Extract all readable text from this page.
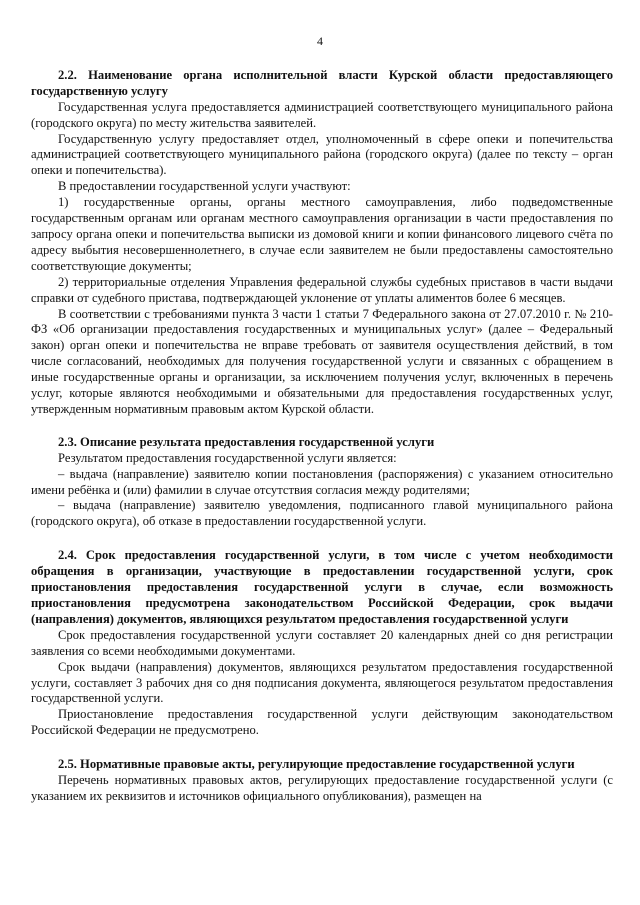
4

2.2. Наименование органа исполнительной власти Курской области предоставляющего государственную услугу

Государственная услуга предоставляется администрацией соответствующего муниципального района (городского округа) по месту жительства заявителей.

Государственную услугу предоставляет отдел, уполномоченный в сфере опеки и попечительства администрацией соответствующего муниципального района (городского округа) (далее по тексту – орган опеки и попечительства).

В предоставлении государственной услуги участвуют:

1) государственные органы, органы местного самоуправления, либо подведомственные государственным органам или органам местного самоуправления организации в части предоставления по запросу органа опеки и попечительства выписки из домовой книги и копии финансового лицевого счёта по адресу выбытия несовершеннолетнего, в случае если заявителем не были предоставлены самостоятельно соответствующие документы;

2) территориальные отделения Управления федеральной службы судебных приставов в части выдачи справки от судебного пристава, подтверждающей уклонение от уплаты алиментов более 6 месяцев.

В соответствии с требованиями пункта 3 части 1 статьи 7 Федерального закона от 27.07.2010 г. № 210-ФЗ «Об организации предоставления государственных и муниципальных услуг» (далее – Федеральный закон) орган опеки и попечительства не вправе требовать от заявителя осуществления действий, в том числе согласований, необходимых для получения государственной услуги и связанных с обращением в иные государственные органы и организации, за исключением получения услуг, включенных в перечень услуг, которые являются необходимыми и обязательными для предоставления государственных услуг, утвержденным нормативным правовым актом Курской области.

2.3. Описание результата предоставления государственной услуги

Результатом предоставления государственной услуги является:

– выдача (направление) заявителю копии постановления (распоряжения) с указанием относительно имени ребёнка и (или) фамилии в случае отсутствия согласия между родителями;

– выдача (направление) заявителю уведомления, подписанного главой муниципального района (городского округа), об отказе в предоставлении государственной услуги.

2.4. Срок предоставления государственной услуги, в том числе с учетом необходимости обращения в организации, участвующие в предоставлении государственной услуги, срок приостановления предоставления государственной услуги в случае, если возможность приостановления предусмотрена законодательством Российской Федерации, срок выдачи (направления) документов, являющихся результатом предоставления государственной услуги

Срок предоставления государственной услуги составляет 20 календарных дней со дня регистрации заявления со всеми необходимыми документами.

Срок выдачи (направления) документов, являющихся результатом предоставления государственной услуги, составляет 3 рабочих дня со дня подписания документа, являющегося результатом предоставления государственной услуги.

Приостановление предоставления государственной услуги действующим законодательством Российской Федерации не предусмотрено.

2.5. Нормативные правовые акты, регулирующие предоставление государственной услуги

Перечень нормативных правовых актов, регулирующих предоставление государственной услуги (с указанием их реквизитов и источников официального опубликования), размещен на
